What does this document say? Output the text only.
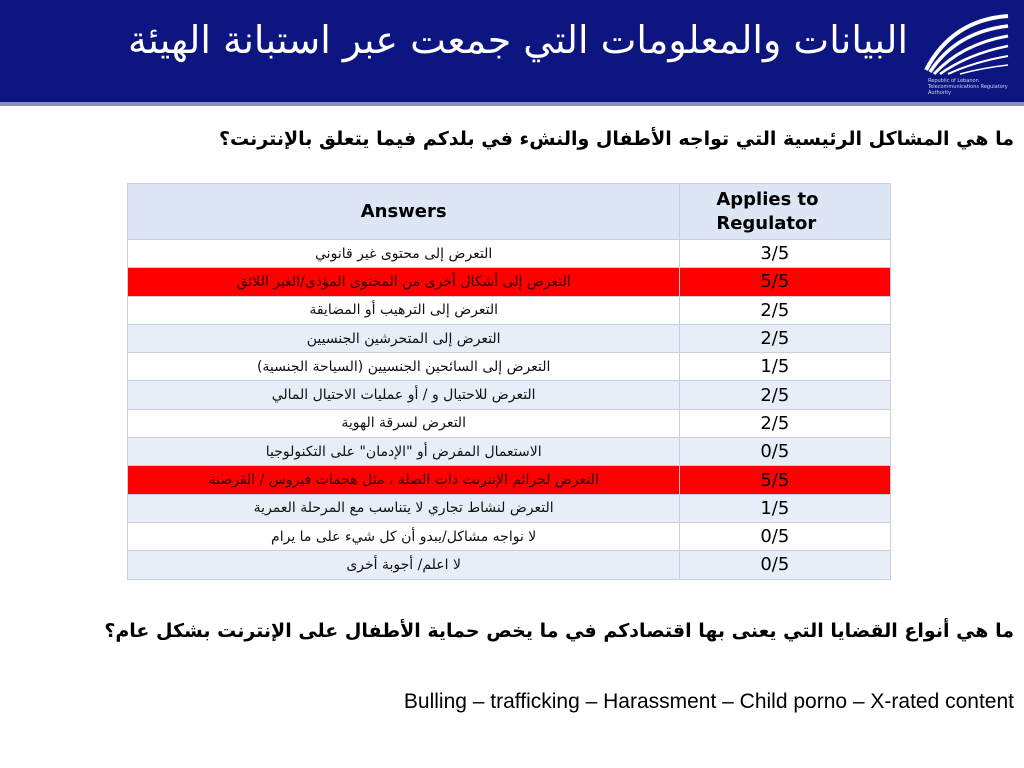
البيانات والمعلومات التي جمعت عبر استبانة الهيئة
Republic of Lebanon Telecommunications Regulatory Authority
ما هي المشاكل الرئيسية التي تواجه الأطفال والنشء في بلدكم فيما يتعلق بالإنترنت؟
Answers	Applies to Regulator
التعرض إلى محتوى غير قانوني	3/5
التعرض إلى أشكال أخرى من المحتوى المؤذي/الغير اللائق	5/5
التعرض إلى الترهيب أو المضايقة	2/5
التعرض إلى المتحرشين الجنسيين	2/5
التعرض إلى السائحين الجنسيين (السياحة الجنسية)	1/5
التعرض للاحتيال و / أو عمليات الاحتيال المالي	2/5
التعرض لسرقة الهوية	2/5
الاستعمال المفرض أو "الإدمان" على التكنولوجيا	0/5
التعرض لجرائم الإنترنت ذات الصلة ، مثل هجمات فيروس / القرصنة	5/5
التعرض لنشاط تجاري لا يتناسب مع المرحلة العمرية	1/5
لا نواجه مشاكل/يبدو أن كل شيء على ما يرام	0/5
لا اعلم/ أجوبة أخرى	0/5
ما هي أنواع القضايا التي يعنى بها اقتصادكم في ما يخص حماية الأطفال على الإنترنت بشكل عام؟
Bulling – trafficking – Harassment – Child porno – X-rated content
